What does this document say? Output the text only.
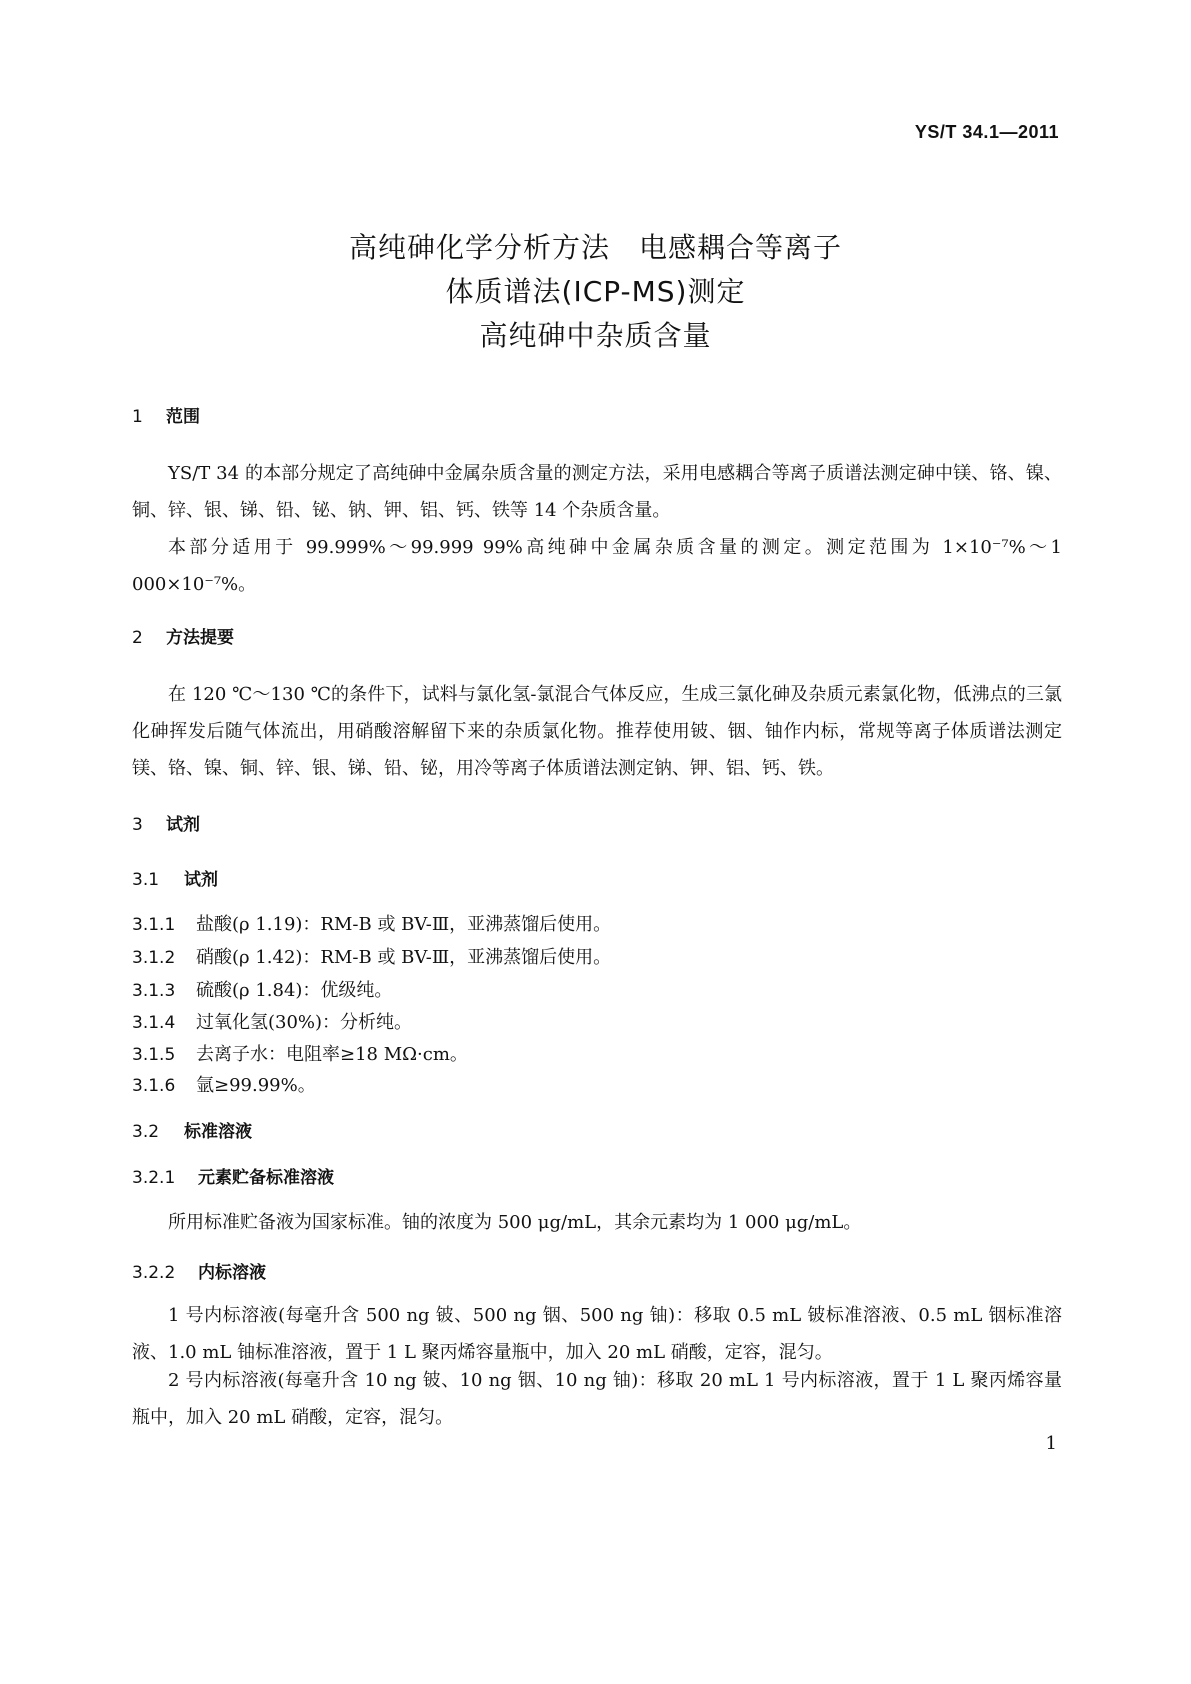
YS/T 34.1—2011
高纯砷化学分析方法　电感耦合等离子
体质谱法(ICP-MS)测定
高纯砷中杂质含量
1 范围
YS/T 34 的本部分规定了高纯砷中金属杂质含量的测定方法，采用电感耦合等离子质谱法测定砷中镁、铬、镍、铜、锌、银、锑、铅、铋、钠、钾、铝、钙、铁等 14 个杂质含量。
本部分适用于 99.999%～99.999 99%高纯砷中金属杂质含量的测定。测定范围为 1×10⁻⁷%～1 000×10⁻⁷%。
2 方法提要
在 120 ℃～130 ℃的条件下，试料与氯化氢-氯混合气体反应，生成三氯化砷及杂质元素氯化物，低沸点的三氯化砷挥发后随气体流出，用硝酸溶解留下来的杂质氯化物。推荐使用铍、铟、铀作内标，常规等离子体质谱法测定镁、铬、镍、铜、锌、银、锑、铅、铋，用冷等离子体质谱法测定钠、钾、铝、钙、铁。
3 试剂
3.1 试剂
3.1.1 盐酸(ρ 1.19)：RM-B 或 BV-Ⅲ，亚沸蒸馏后使用。
3.1.2 硝酸(ρ 1.42)：RM-B 或 BV-Ⅲ，亚沸蒸馏后使用。
3.1.3 硫酸(ρ 1.84)：优级纯。
3.1.4 过氧化氢(30%)：分析纯。
3.1.5 去离子水：电阻率≥18 MΩ·cm。
3.1.6 氩≥99.99%。
3.2 标准溶液
3.2.1 元素贮备标准溶液
所用标准贮备液为国家标准。铀的浓度为 500 μg/mL，其余元素均为 1 000 μg/mL。
3.2.2 内标溶液
1 号内标溶液(每毫升含 500 ng 铍、500 ng 铟、500 ng 铀)：移取 0.5 mL 铍标准溶液、0.5 mL 铟标准溶液、1.0 mL 铀标准溶液，置于 1 L 聚丙烯容量瓶中，加入 20 mL 硝酸，定容，混匀。
2 号内标溶液(每毫升含 10 ng 铍、10 ng 铟、10 ng 铀)：移取 20 mL 1 号内标溶液，置于 1 L 聚丙烯容量瓶中，加入 20 mL 硝酸，定容，混匀。
1
